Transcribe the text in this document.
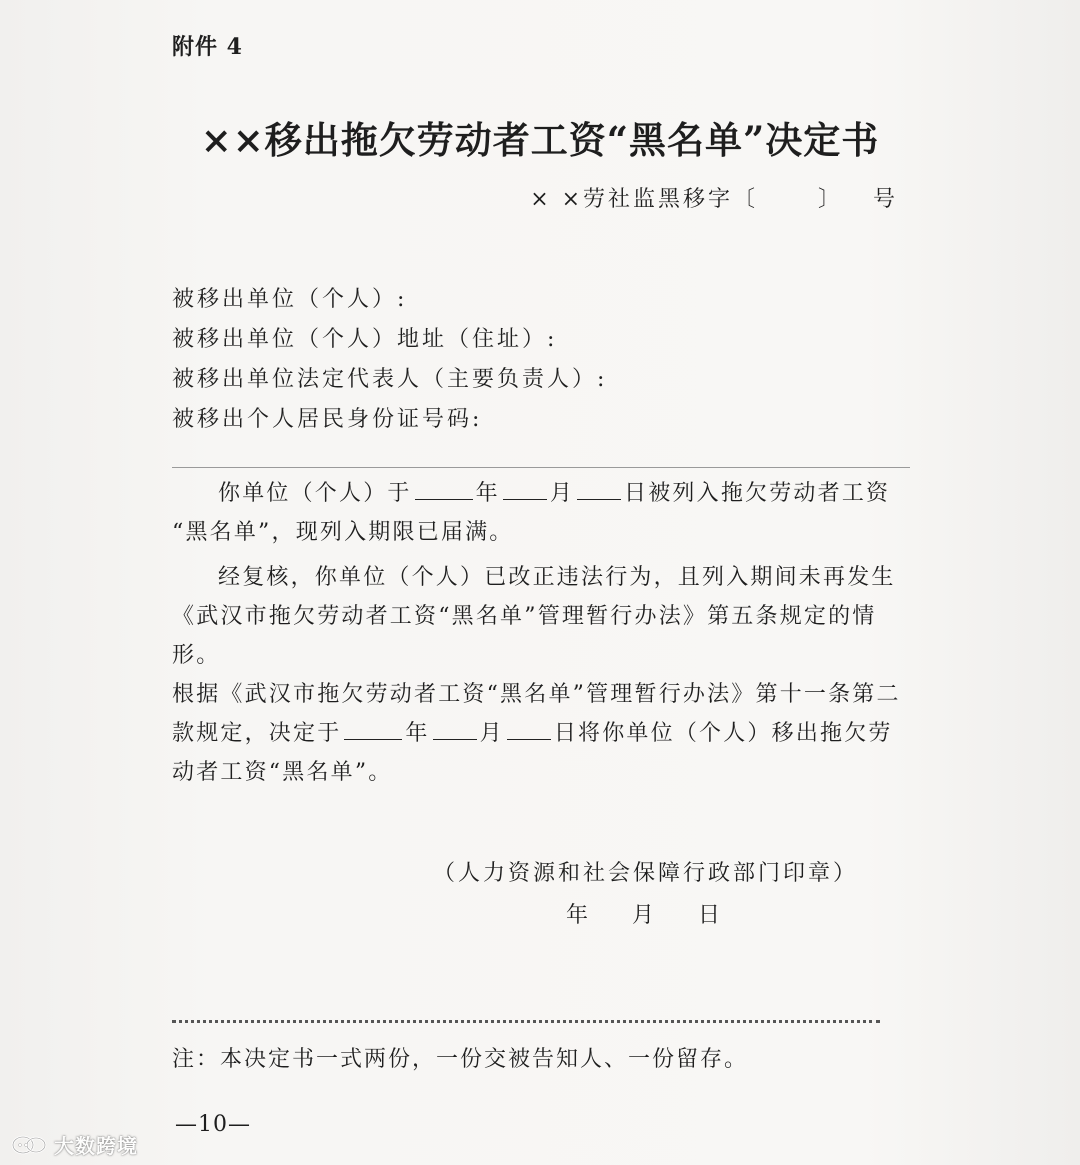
附件 4
××移出拖欠劳动者工资“黑名单”决定书
× ×劳社监黑移字〔      〕   号
被移出单位（个人）:
被移出单位（个人）地址（住址）:
被移出单位法定代表人（主要负责人）:
被移出个人居民身份证号码:
你单位（个人）于	年 月 日被列入拖欠劳动者工资
“黑名单”，现列入期限已届满。
经复核，你单位（个人）已改正违法行为，且列入期间未再发生
《武汉市拖欠劳动者工资“黑名单”管理暂行办法》第五条规定的情形。
根据《武汉市拖欠劳动者工资“黑名单”管理暂行办法》第十一条第二
款规定，决定于	年 月 日将你单位（个人）移出拖欠劳
动者工资“黑名单”。
（人力资源和社会保障行政部门印章）
年 月 日
注：本决定书一式两份，一份交被告知人、一份留存。
—10—
大数跨境
